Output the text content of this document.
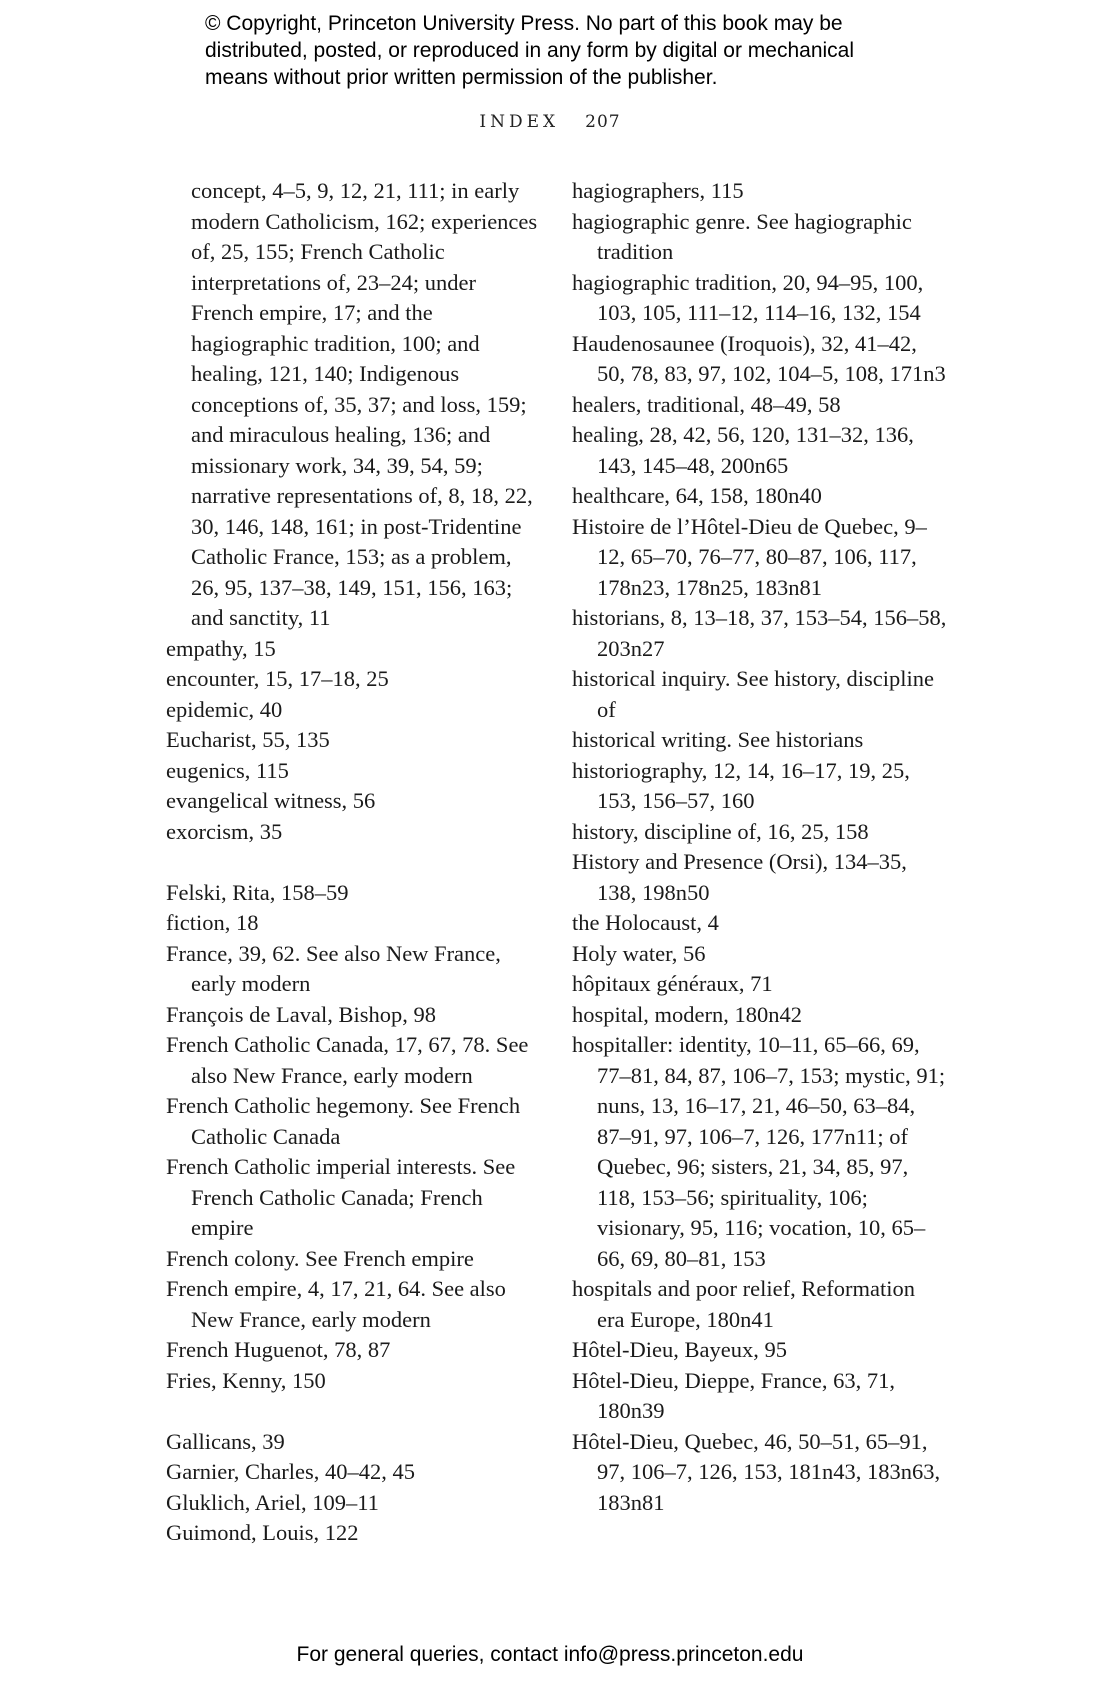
© Copyright, Princeton University Press. No part of this book may be
distributed, posted, or reproduced in any form by digital or mechanical
means without prior written permission of the publisher.
INDEX 207
concept, 4–5, 9, 12, 21, 111; in early modern Catholicism, 162; experiences of, 25, 155; French Catholic interpretations of, 23–24; under French empire, 17; and the hagiographic tradition, 100; and healing, 121, 140; Indigenous conceptions of, 35, 37; and loss, 159; and miraculous healing, 136; and missionary work, 34, 39, 54, 59; narrative representations of, 8, 18, 22, 30, 146, 148, 161; in post-Tridentine Catholic France, 153; as a problem, 26, 95, 137–38, 149, 151, 156, 163; and sanctity, 11
empathy, 15
encounter, 15, 17–18, 25
epidemic, 40
Eucharist, 55, 135
eugenics, 115
evangelical witness, 56
exorcism, 35
Felski, Rita, 158–59
fiction, 18
France, 39, 62. See also New France, early modern
François de Laval, Bishop, 98
French Catholic Canada, 17, 67, 78. See also New France, early modern
French Catholic hegemony. See French Catholic Canada
French Catholic imperial interests. See French Catholic Canada; French empire
French colony. See French empire
French empire, 4, 17, 21, 64. See also New France, early modern
French Huguenot, 78, 87
Fries, Kenny, 150
Gallicans, 39
Garnier, Charles, 40–42, 45
Gluklich, Ariel, 109–11
Guimond, Louis, 122
hagiographers, 115
hagiographic genre. See hagiographic tradition
hagiographic tradition, 20, 94–95, 100, 103, 105, 111–12, 114–16, 132, 154
Haudenosaunee (Iroquois), 32, 41–42, 50, 78, 83, 97, 102, 104–5, 108, 171n3
healers, traditional, 48–49, 58
healing, 28, 42, 56, 120, 131–32, 136, 143, 145–48, 200n65
healthcare, 64, 158, 180n40
Histoire de l’Hôtel-Dieu de Quebec, 9–12, 65–70, 76–77, 80–87, 106, 117, 178n23, 178n25, 183n81
historians, 8, 13–18, 37, 153–54, 156–58, 203n27
historical inquiry. See history, discipline of
historical writing. See historians
historiography, 12, 14, 16–17, 19, 25, 153, 156–57, 160
history, discipline of, 16, 25, 158
History and Presence (Orsi), 134–35, 138, 198n50
the Holocaust, 4
Holy water, 56
hôpitaux généraux, 71
hospital, modern, 180n42
hospitaller: identity, 10–11, 65–66, 69, 77–81, 84, 87, 106–7, 153; mystic, 91; nuns, 13, 16–17, 21, 46–50, 63–84, 87–91, 97, 106–7, 126, 177n11; of Quebec, 96; sisters, 21, 34, 85, 97, 118, 153–56; spirituality, 106; visionary, 95, 116; vocation, 10, 65–66, 69, 80–81, 153
hospitals and poor relief, Reformation era Europe, 180n41
Hôtel-Dieu, Bayeux, 95
Hôtel-Dieu, Dieppe, France, 63, 71, 180n39
Hôtel-Dieu, Quebec, 46, 50–51, 65–91, 97, 106–7, 126, 153, 181n43, 183n63, 183n81
For general queries, contact info@press.princeton.edu
